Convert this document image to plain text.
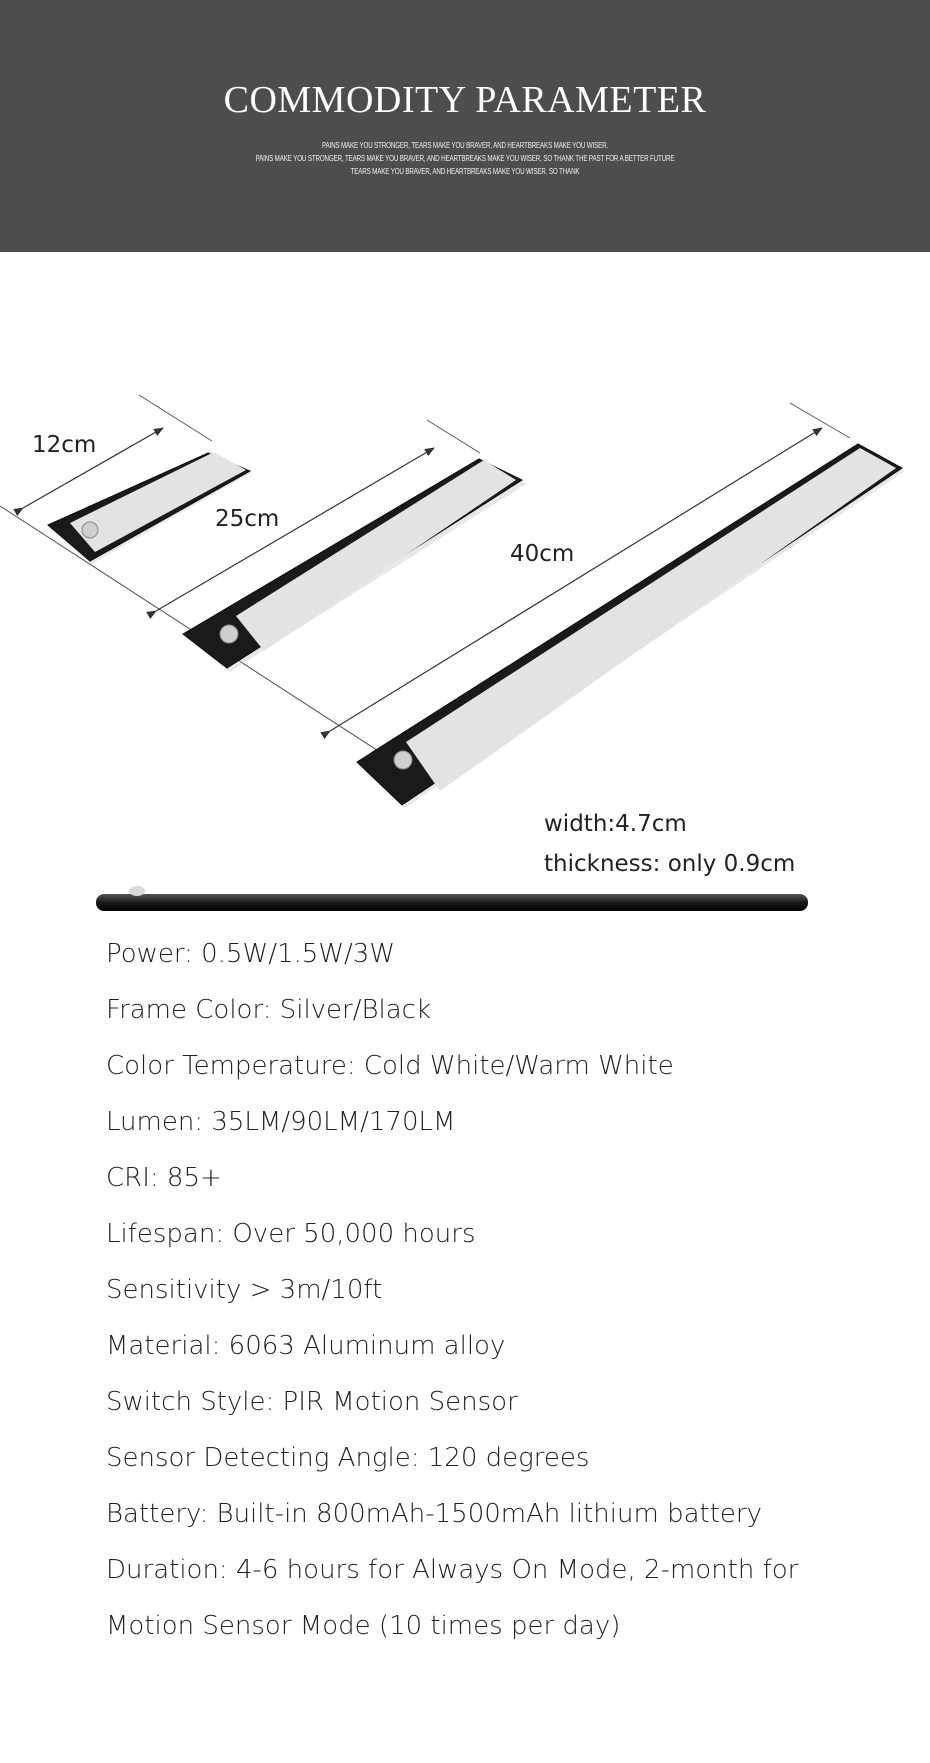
COMMODITY PARAMETER
PAINS MAKE YOU STRONGER, TEARS MAKE YOU BRAVER, AND HEARTBREAKS MAKE YOU WISER.
PAINS MAKE YOU STRONGER, TEARS MAKE YOU BRAVER, AND HEARTBREAKS MAKE YOU WISER. SO THANK THE PAST FOR A BETTER FUTURE
TEARS MAKE YOU BRAVER, AND HEARTBREAKS MAKE YOU WISER. SO THANK
12cm
25cm
40cm
width:4.7cm
thickness: only 0.9cm
Power: 0.5W/1.5W/3W
Frame Color: Silver/Black
Color Temperature: Cold White/Warm White
Lumen: 35LM/90LM/170LM
CRI: 85+
Lifespan: Over 50,000 hours
Sensitivity > 3m/10ft
Material: 6063 Aluminum alloy
Switch Style: PIR Motion Sensor
Sensor Detecting Angle: 120 degrees
Battery: Built-in 800mAh-1500mAh lithium battery
Duration: 4-6 hours for Always On Mode, 2-month for
Motion Sensor Mode (10 times per day)
